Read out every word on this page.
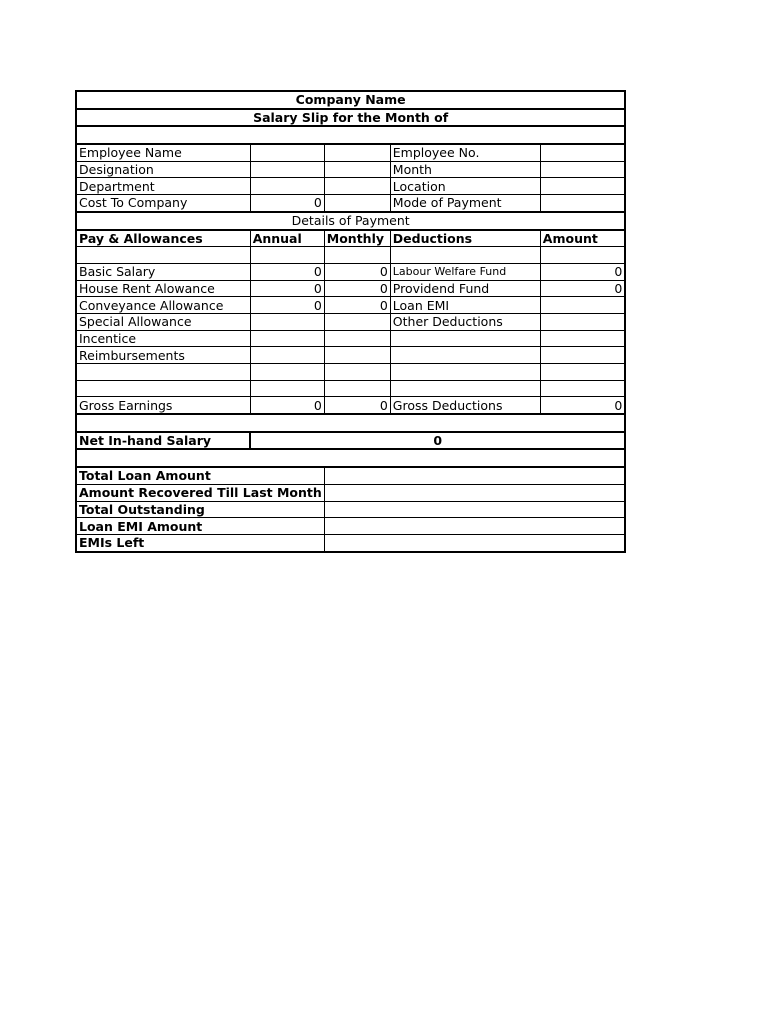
Company Name				
Salary Slip for the Month of				

Employee Name			Employee No.	
Designation			Month	
Department			Location	
Cost To Company	0		Mode of Payment	
Details of Payment				
Pay & Allowances	Annual	Monthly	Deductions	Amount

Basic Salary	0	0	Labour Welfare Fund	0
House Rent Alowance	0	0	Providend Fund	0
Conveyance Allowance	0	0	Loan EMI	
Special Allowance			Other Deductions	
Incentice				
Reimbursements				

Gross Earnings	0	0	Gross Deductions	0

Net In-hand Salary	0			

Total Loan Amount				
Amount Recovered Till Last Month				
Total Outstanding				
Loan EMI Amount				
EMIs Left				
